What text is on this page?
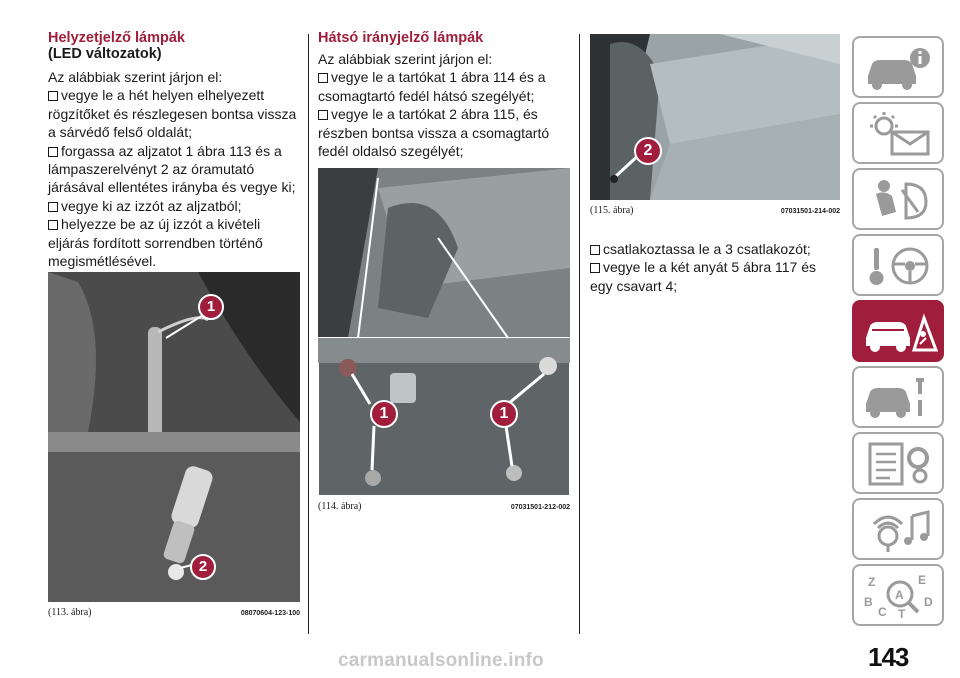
Helyzetjelző lámpák
(LED változatok)

Az alábbiak szerint járjon el:

vegye le a hét helyen elhelyezett rögzítőket és részlegesen bontsa vissza a sárvédő felső oldalát;

forgassa az aljzatot 1 ábra 113 és a lámpaszerelvényt 2 az óramutató járásával ellentétes irányba és vegye ki;

vegye ki az izzót az aljzatból;

helyezze be az új izzót a kivételi eljárás fordított sorrendben történő megismétlésével.

1
2
(113. ábra)	08070604-123-100
Hátsó irányjelző lámpák

Az alábbiak szerint járjon el:

vegye le a tartókat 1 ábra 114 és a csomagtartó fedél hátsó szegélyét;

vegye le a tartókat 2 ábra 115, és részben bontsa vissza a csomagtartó fedél oldalsó szegélyét;

1	1
(114. ábra)	07031501-212-002
2
(115. ábra)	07031501-214-002

csatlakoztassa le a 3 csatlakozót;

vegye le a két anyát 5 ábra 117 és egy csavart 4;

Z	E
A
B
C
D
T
143
carmanualsonline.info
